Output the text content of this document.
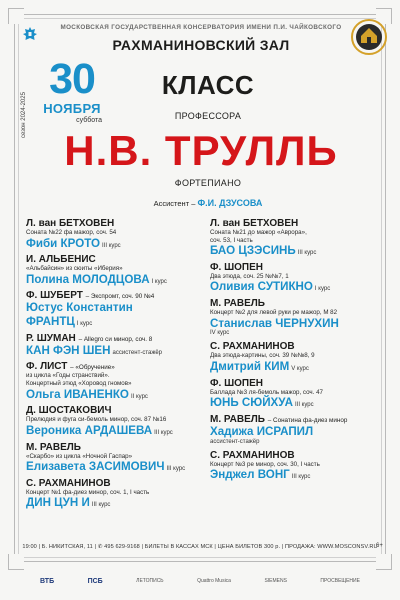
МОСКОВСКАЯ ГОСУДАРСТВЕННАЯ КОНСЕРВАТОРИЯ ИМЕНИ П.И. ЧАЙКОВСКОГО
РАХМАНИНОВСКИЙ ЗАЛ
сезон 2024-2025
30
НОЯБРЯ
суббота
КЛАСС
ПРОФЕССОРА
Н.В. ТРУЛЛЬ
ФОРТЕПИАНО
Ассистент – Ф.И. ДЗУСОВА
Л. ван БЕТХОВЕН
Соната №22 фа мажор, соч. 54
Фиби КРОТО III курс
И. АЛЬБЕНИС
«Альбайсин» из сюиты «Иберия»
Полина МОЛОДЦОВА I курс
Ф. ШУБЕРТ – Экспромт, соч. 90 №4
Юстус Константин
ФРАНТЦ I курс
Р. ШУМАН – Allegro си минор, соч. 8
КАН ФЭН ШЕН ассистент-стажёр
Ф. ЛИСТ – «Обручение»
из цикла «Годы странствий».
Концертный этюд «Хоровод гномов»
Ольга ИВАНЕНКО II курс
Д. ШОСТАКОВИЧ
Прелюдия и фуга си-бемоль минор, соч. 87 №16
Вероника АРДАШЕВА III курс
М. РАВЕЛЬ
«Скарбо» из цикла «Ночной Гаспар»
Елизавета ЗАСИМОВИЧ III курс
С. РАХМАНИНОВ
Концерт №1 фа-диез минор, соч. 1, I часть
ДИН ЦУН И III курс
Л. ван БЕТХОВЕН
Соната №21 до мажор «Аврора»,
соч. 53, I часть
БАО ЦЗЭСИНЬ III курс
Ф. ШОПЕН
Два этюда, соч. 25 №№7, 1
Оливия СУТИКНО I курс
М. РАВЕЛЬ
Концерт №2 для левой руки ре мажор, М 82
Станислав ЧЕРНУХИН
IV курс
С. РАХМАНИНОВ
Два этюда-картины, соч. 39 №№8, 9
Дмитрий КИМ V курс
Ф. ШОПЕН
Баллада №3 ля-бемоль мажор, соч. 47
ЮНЬ СЮЙХУА III курс
М. РАВЕЛЬ – Сонатина фа-диез минор
Хадижа ИСРАПИЛ
ассистент-стажёр
С. РАХМАНИНОВ
Концерт №3 ре минор, соч. 30, I часть
Энджел ВОНГ III курс
19:00 | Б. НИКИТСКАЯ, 11 | ✆ 495 629-9168 | БИЛЕТЫ В КАССАХ МСК | ЦЕНА БИЛЕТОВ 300 р. | ПРОДАЖА: WWW.MOSCONSV.RU
6+
ВТБ	ПСБ	ЛЕТОПИСЬ	Quattro Musica	SIEMENS	ПРОСВЕЩЕНИЕ
